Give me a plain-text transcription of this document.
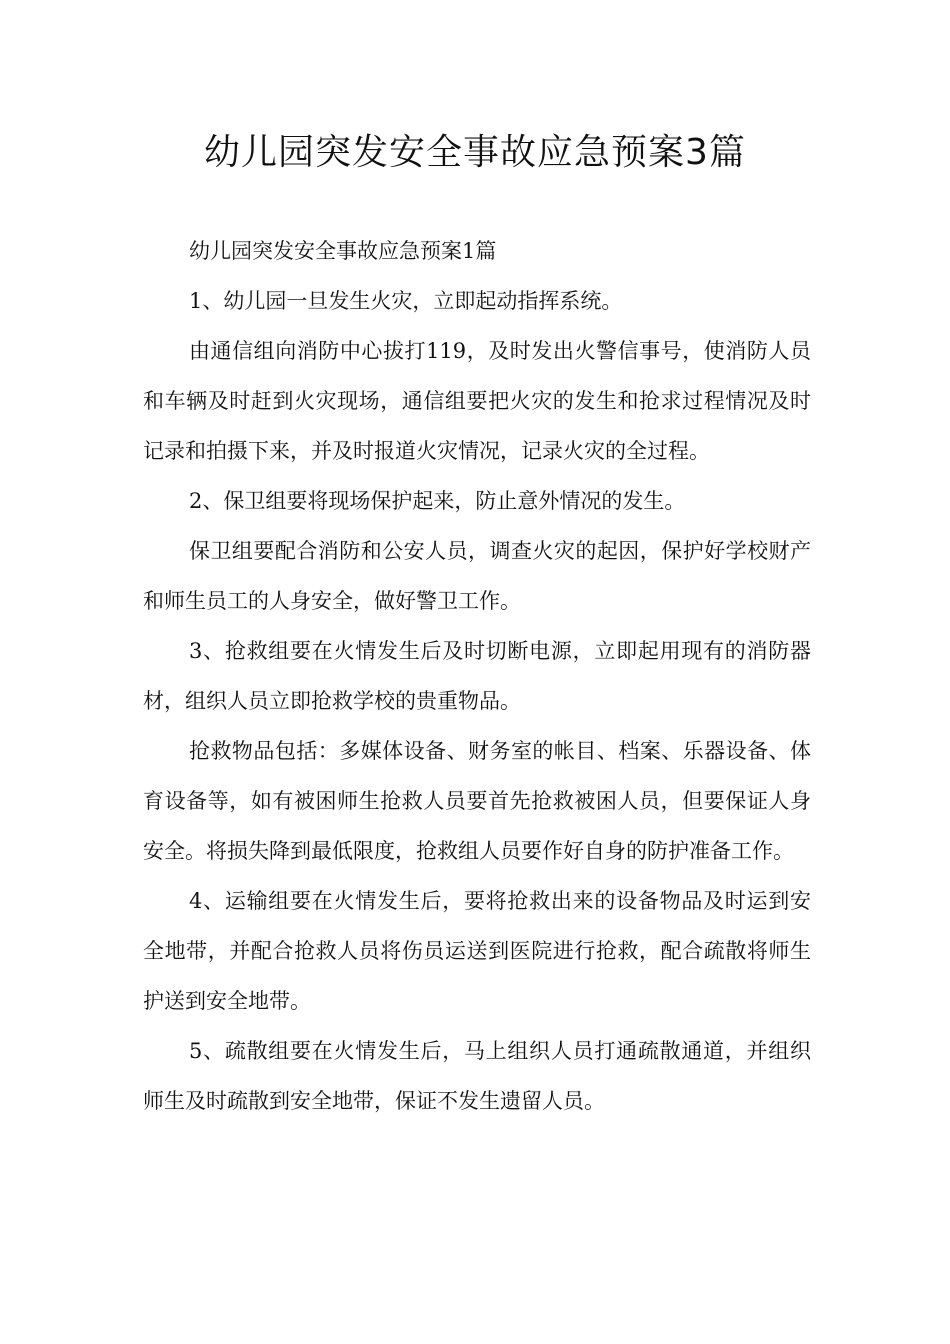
幼儿园突发安全事故应急预案3篇

幼儿园突发安全事故应急预案1篇

1、幼儿园一旦发生火灾，立即起动指挥系统。

由通信组向消防中心拔打119，及时发出火警信事号，使消防人员和车辆及时赶到火灾现场，通信组要把火灾的发生和抢求过程情况及时记录和拍摄下来，并及时报道火灾情况，记录火灾的全过程。

2、保卫组要将现场保护起来，防止意外情况的发生。

保卫组要配合消防和公安人员，调查火灾的起因，保护好学校财产和师生员工的人身安全，做好警卫工作。

3、抢救组要在火情发生后及时切断电源，立即起用现有的消防器材，组织人员立即抢救学校的贵重物品。

抢救物品包括：多媒体设备、财务室的帐目、档案、乐器设备、体育设备等，如有被困师生抢救人员要首先抢救被困人员，但要保证人身安全。将损失降到最低限度，抢救组人员要作好自身的防护准备工作。

4、运输组要在火情发生后，要将抢救出来的设备物品及时运到安全地带，并配合抢救人员将伤员运送到医院进行抢救，配合疏散将师生护送到安全地带。

5、疏散组要在火情发生后，马上组织人员打通疏散通道，并组织师生及时疏散到安全地带，保证不发生遗留人员。
